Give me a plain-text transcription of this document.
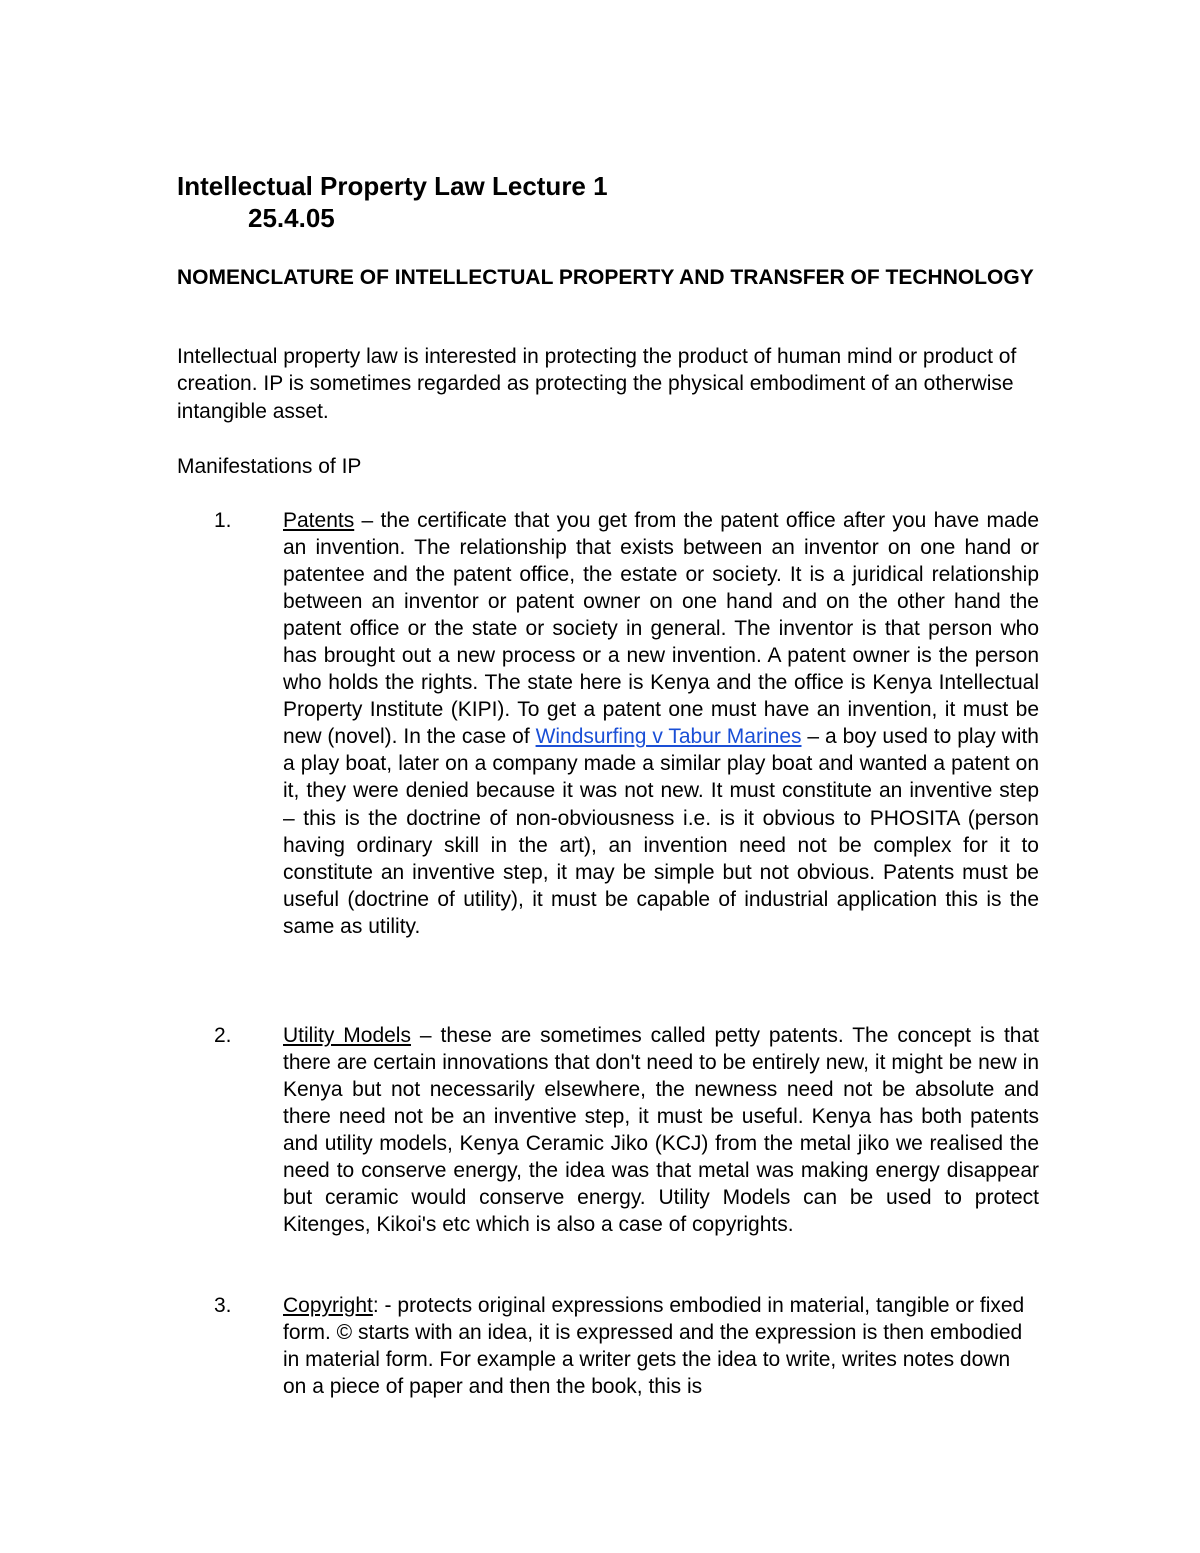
Intellectual Property Law Lecture 1
25.4.05
NOMENCLATURE OF INTELLECTUAL PROPERTY AND TRANSFER OF TECHNOLOGY

Intellectual property law is interested in protecting the product of human mind or product of creation. IP is sometimes regarded as protecting the physical embodiment of an otherwise intangible asset.

Manifestations of IP

1. Patents – the certificate that you get from the patent office after you have made an invention. The relationship that exists between an inventor on one hand or patentee and the patent office, the estate or society. It is a juridical relationship between an inventor or patent owner on one hand and on the other hand the patent office or the state or society in general. The inventor is that person who has brought out a new process or a new invention. A patent owner is the person who holds the rights. The state here is Kenya and the office is Kenya Intellectual Property Institute (KIPI). To get a patent one must have an invention, it must be new (novel). In the case of Windsurfing v Tabur Marines – a boy used to play with a play boat, later on a company made a similar play boat and wanted a patent on it, they were denied because it was not new. It must constitute an inventive step – this is the doctrine of non-obviousness i.e. is it obvious to PHOSITA (person having ordinary skill in the art), an invention need not be complex for it to constitute an inventive step, it may be simple but not obvious. Patents must be useful (doctrine of utility), it must be capable of industrial application this is the same as utility.

2. Utility Models – these are sometimes called petty patents. The concept is that there are certain innovations that don't need to be entirely new, it might be new in Kenya but not necessarily elsewhere, the newness need not be absolute and there need not be an inventive step, it must be useful. Kenya has both patents and utility models, Kenya Ceramic Jiko (KCJ) from the metal jiko we realised the need to conserve energy, the idea was that metal was making energy disappear but ceramic would conserve energy. Utility Models can be used to protect Kitenges, Kikoi's etc which is also a case of copyrights.

3. Copyright: - protects original expressions embodied in material, tangible or fixed form. © starts with an idea, it is expressed and the expression is then embodied in material form. For example a writer gets the idea to write, writes notes down on a piece of paper and then the book, this is
